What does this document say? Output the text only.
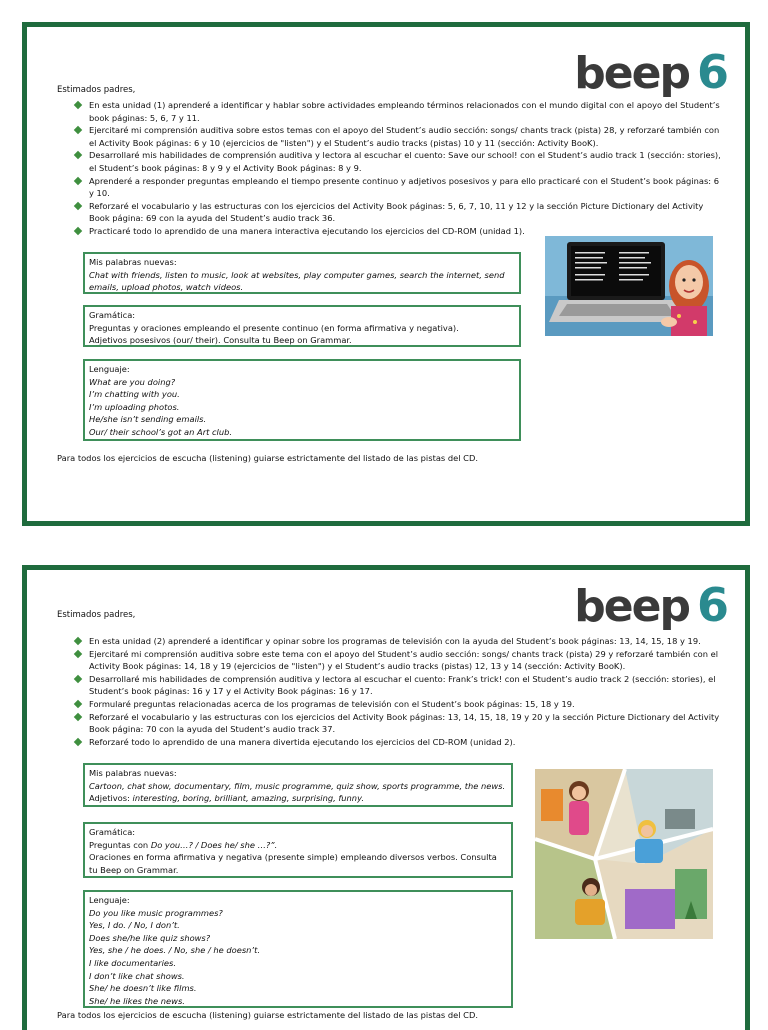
beep 6
Estimados padres,
En esta unidad (1) aprenderé a identificar y hablar sobre actividades empleando términos relacionados con el mundo digital con el apoyo del Student’s book páginas: 5, 6, 7 y 11.
Ejercitaré mi comprensión auditiva sobre estos temas con el apoyo del Student’s audio sección: songs/ chants track (pista) 28, y reforzaré también con el Activity Book páginas: 6 y 10 (ejercicios de "listen") y el Student’s audio tracks (pistas) 10 y 11 (sección: Activity BooK).
Desarrollaré mis habilidades de comprensión auditiva y lectora al escuchar el cuento: Save our school! con el Student’s audio track 1 (sección: stories), el Student’s book páginas: 8 y 9 y el Activity Book páginas: 8 y 9.
Aprenderé a responder preguntas empleando el tiempo presente continuo y adjetivos posesivos y para ello practicaré con el Student’s book páginas: 6 y 10.
Reforzaré el vocabulario y las estructuras con los ejercicios del Activity Book páginas: 5, 6, 7, 10, 11 y 12 y la sección Picture Dictionary del Activity Book página: 69 con la ayuda del Student’s audio track 36.
Practicaré todo lo aprendido de una manera interactiva ejecutando los ejercicios del CD-ROM (unidad 1).
Mis palabras nuevas:
Chat with friends, listen to music, look at websites, play computer games, search the internet, send emails, upload photos, watch videos.
Gramática:
Preguntas y oraciones empleando el presente continuo (en forma afirmativa y negativa).
Adjetivos posesivos (our/ their). Consulta tu Beep on Grammar.
Lenguaje:
What are you doing?
I’m chatting with you.
I’m uploading photos.
He/she isn’t sending emails.
Our/ their school’s got an Art club.
Para todos los ejercicios de escucha (listening) guiarse estrictamente del listado de las pistas del CD.
beep 6
Estimados padres,
En esta unidad (2) aprenderé a identificar y opinar sobre los programas de televisión con la ayuda del Student’s book páginas: 13, 14, 15, 18 y 19.
Ejercitaré mi comprensión auditiva sobre este tema con el apoyo del Student’s audio sección: songs/ chants track (pista) 29 y reforzaré también con el Activity Book páginas: 14, 18 y 19 (ejercicios de "listen") y el Student’s audio tracks (pistas) 12, 13 y 14 (sección: Activity BooK).
Desarrollaré mis habilidades de comprensión auditiva y lectora al escuchar el cuento: Frank’s trick! con el Student’s audio track 2 (sección: stories), el Student’s book páginas: 16 y 17 y el Activity Book páginas: 16 y 17.
Formularé preguntas relacionadas acerca de los programas de televisión con el Student’s book páginas: 15, 18 y 19.
Reforzaré el vocabulario y las estructuras con los ejercicios del Activity Book páginas: 13, 14, 15, 18, 19 y 20 y la sección Picture Dictionary del Activity Book página: 70 con la ayuda del Student’s audio track 37.
Reforzaré todo lo aprendido de una manera divertida ejecutando los ejercicios del CD-ROM (unidad 2).
Mis palabras nuevas:
Cartoon, chat show, documentary, film, music programme, quiz show, sports programme, the news.
Adjetivos: interesting, boring, brilliant, amazing, surprising, funny.
Gramática:
Preguntas con Do you…? / Does he/ she …?”.
Oraciones en forma afirmativa y negativa (presente simple) empleando diversos verbos. Consulta tu Beep on Grammar.
Lenguaje:
Do you like music programmes?
Yes, I do. / No, I don’t.
Does she/he like quiz shows?
Yes, she / he does. / No, she / he doesn’t.
I like documentaries.
I don’t like chat shows.
She/ he doesn’t like films.
She/ he likes the news.
Para todos los ejercicios de escucha (listening) guiarse estrictamente del listado de las pistas del CD.
